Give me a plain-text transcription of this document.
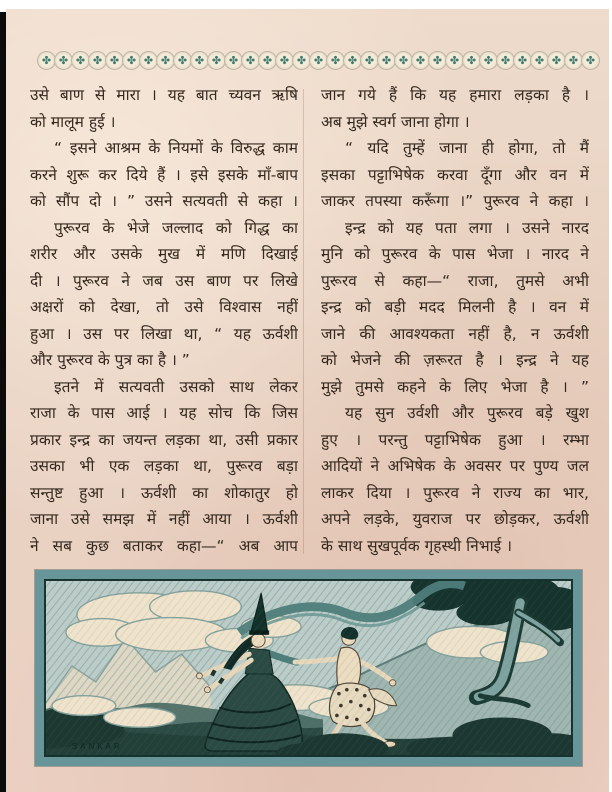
✤ ✤ ✤ ✤ ✤ ✤ ✤ ✤ ✤ ✤ ✤ ✤ ✤ ✤ ✤ ✤ ✤ ✤ ✤ ✤ ✤ ✤ ✤ ✤ ✤ ✤ ✤ ✤ ✤ ✤ ✤ ✤ ✤
उसे बाण से मारा । यह बात च्यवन ऋषि
को मालूम हुई ।
“ इसने आश्रम के नियमों के विरुद्ध काम
करने शुरू कर दिये हैं । इसे इसके माँ-बाप
को सौंप दो । ” उसने सत्यवती से कहा ।
पुरूरव के भेजे जल्लाद को गिद्ध का
शरीर और उसके मुख में मणि दिखाई
दी । पुरूरव ने जब उस बाण पर लिखे
अक्षरों को देखा, तो उसे विश्वास नहीं
हुआ । उस पर लिखा था, “ यह ऊर्वशी
और पुरूरव के पुत्र का है । ”
इतने में सत्यवती उसको साथ लेकर
राजा के पास आई । यह सोच कि जिस
प्रकार इन्द्र का जयन्त लड़का था, उसी प्रकार
उसका भी एक लड़का था, पुरूरव बड़ा
सन्तुष्ट हुआ । ऊर्वशी का शोकातुर हो
जाना उसे समझ में नहीं आया । ऊर्वशी
ने सब कुछ बताकर कहा—“ अब आप
जान गये हैं कि यह हमारा लड़का है ।
अब मुझे स्वर्ग जाना होगा ।
“ यदि तुम्हें जाना ही होगा, तो मैं
इसका पट्टाभिषेक करवा दूँगा और वन में
जाकर तपस्या करूँगा ।” पुरूरव ने कहा ।
इन्द्र को यह पता लगा । उसने नारद
मुनि को पुरूरव के पास भेजा । नारद ने
पुरूरव से कहा—“ राजा, तुमसे अभी
इन्द्र को बड़ी मदद मिलनी है । वन में
जाने की आवश्यकता नहीं है, न ऊर्वशी
को भेजने की ज़रूरत है । इन्द्र ने यह
मुझे तुमसे कहने के लिए भेजा है । ”
यह सुन उर्वशी और पुरूरव बड़े खुश
हुए । परन्तु पट्टाभिषेक हुआ । रम्भा
आदियों ने अभिषेक के अवसर पर पुण्य जल
लाकर दिया । पुरूरव ने राज्य का भार,
अपने लड़के, युवराज पर छोड़कर, ऊर्वशी
के साथ सुखपूर्वक गृहस्थी निभाई ।
SANKAR
